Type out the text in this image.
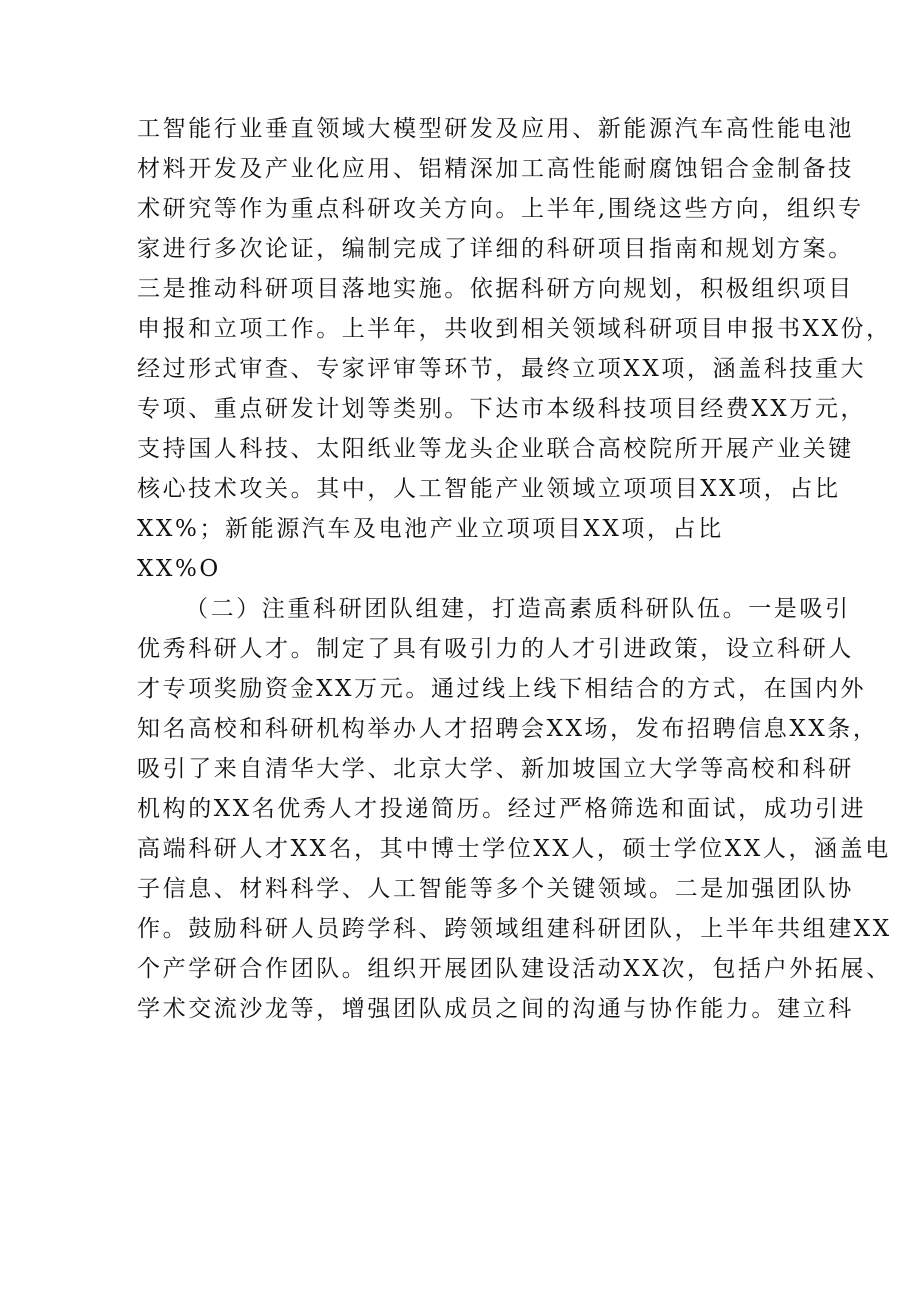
工智能行业垂直领域大模型研发及应用、新能源汽车高性能电池
材料开发及产业化应用、铝精深加工高性能耐腐蚀铝合金制备技
术研究等作为重点科研攻关方向。上半年,围绕这些方向，组织专
家进行多次论证，编制完成了详细的科研项目指南和规划方案。
三是推动科研项目落地实施。依据科研方向规划，积极组织项目
申报和立项工作。上半年，共收到相关领域科研项目申报书XX份，
经过形式审查、专家评审等环节，最终立项XX项，涵盖科技重大
专项、重点研发计划等类别。下达市本级科技项目经费XX万元，
支持国人科技、太阳纸业等龙头企业联合高校院所开展产业关键
核心技术攻关。其中，人工智能产业领域立项项目XX项，占比
XX%；新能源汽车及电池产业立项项目XX项，占比
XX%O
（二）注重科研团队组建，打造高素质科研队伍。一是吸引
优秀科研人才。制定了具有吸引力的人才引进政策，设立科研人
才专项奖励资金XX万元。通过线上线下相结合的方式，在国内外
知名高校和科研机构举办人才招聘会XX场，发布招聘信息XX条，
吸引了来自清华大学、北京大学、新加坡国立大学等高校和科研
机构的XX名优秀人才投递简历。经过严格筛选和面试，成功引进
高端科研人才XX名，其中博士学位XX人，硕士学位XX人，涵盖电
子信息、材料科学、人工智能等多个关键领域。二是加强团队协
作。鼓励科研人员跨学科、跨领域组建科研团队，上半年共组建XX
个产学研合作团队。组织开展团队建设活动XX次，包括户外拓展、
学术交流沙龙等，增强团队成员之间的沟通与协作能力。建立科
